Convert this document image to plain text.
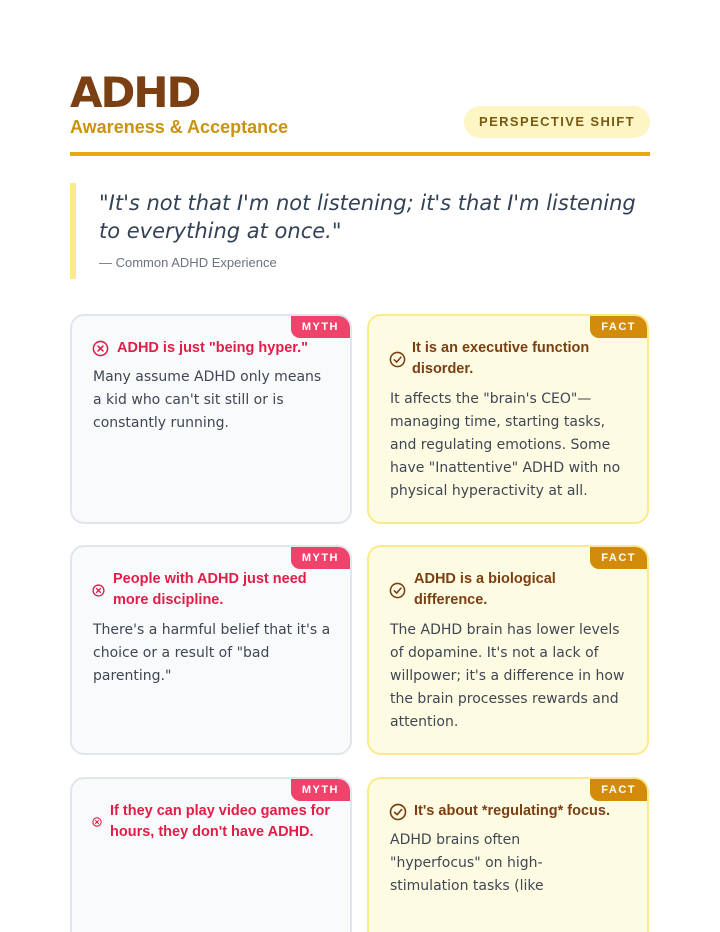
ADHD
Awareness & Acceptance	PERSPECTIVE SHIFT
"It's not that I'm not listening; it's that I'm listening to everything at once."
— Common ADHD Experience
MYTH
ADHD is just "being hyper."
Many assume ADHD only means a kid who can't sit still or is constantly running.
FACT
It is an executive function disorder.
It affects the "brain's CEO"—managing time, starting tasks, and regulating emotions. Some have "Inattentive" ADHD with no physical hyperactivity at all.
MYTH
People with ADHD just need more discipline.
There's a harmful belief that it's a choice or a result of "bad parenting."
FACT
ADHD is a biological difference.
The ADHD brain has lower levels of dopamine. It's not a lack of willpower; it's a difference in how the brain processes rewards and attention.
MYTH
If they can play video games for hours, they don't have ADHD.
FACT
It's about *regulating* focus.
ADHD brains often "hyperfocus" on high-stimulation tasks (like
